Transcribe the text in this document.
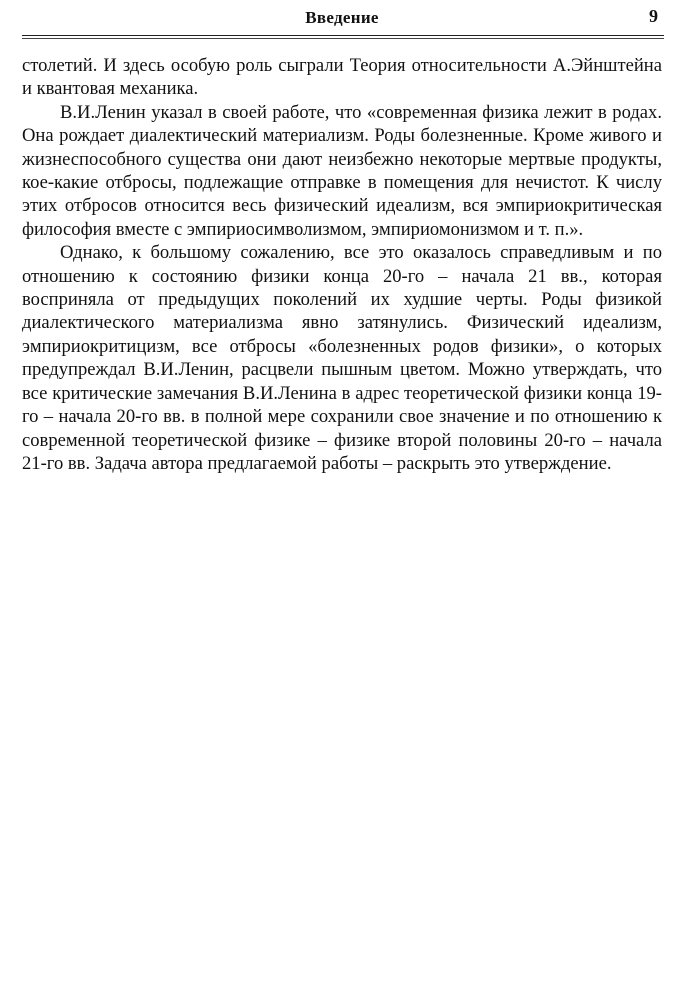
Введение	9

столетий. И здесь особую роль сыграли Теория относительности А.Эйнштейна и квантовая механика.

В.И.Ленин указал в своей работе, что «современная физика лежит в родах. Она рождает диалектический материализм. Роды болезненные. Кроме живого и жизнеспособного существа они дают неизбежно некоторые мертвые продукты, кое-какие отбросы, подлежащие отправке в помещения для нечистот. К числу этих отбросов относится весь физический идеализм, вся эмпириокритическая философия вместе с эмпириосимволизмом, эмпириомонизмом и т. п.».

Однако, к большому сожалению, все это оказалось справедливым и по отношению к состоянию физики конца 20-го – начала 21 вв., которая восприняла от предыдущих поколений их худшие черты. Роды физикой диалектического материализма явно затянулись. Физический идеализм, эмпириокритицизм, все отбросы «болезненных родов физики», о которых предупреждал В.И.Ленин, расцвели пышным цветом. Можно утверждать, что все критические замечания В.И.Ленина в адрес теоретической физики конца 19-го – начала 20-го вв. в полной мере сохранили свое значение и по отношению к современной теоретической физике – физике второй половины 20-го – начала 21-го вв. Задача автора предлагаемой работы – раскрыть это утверждение.
